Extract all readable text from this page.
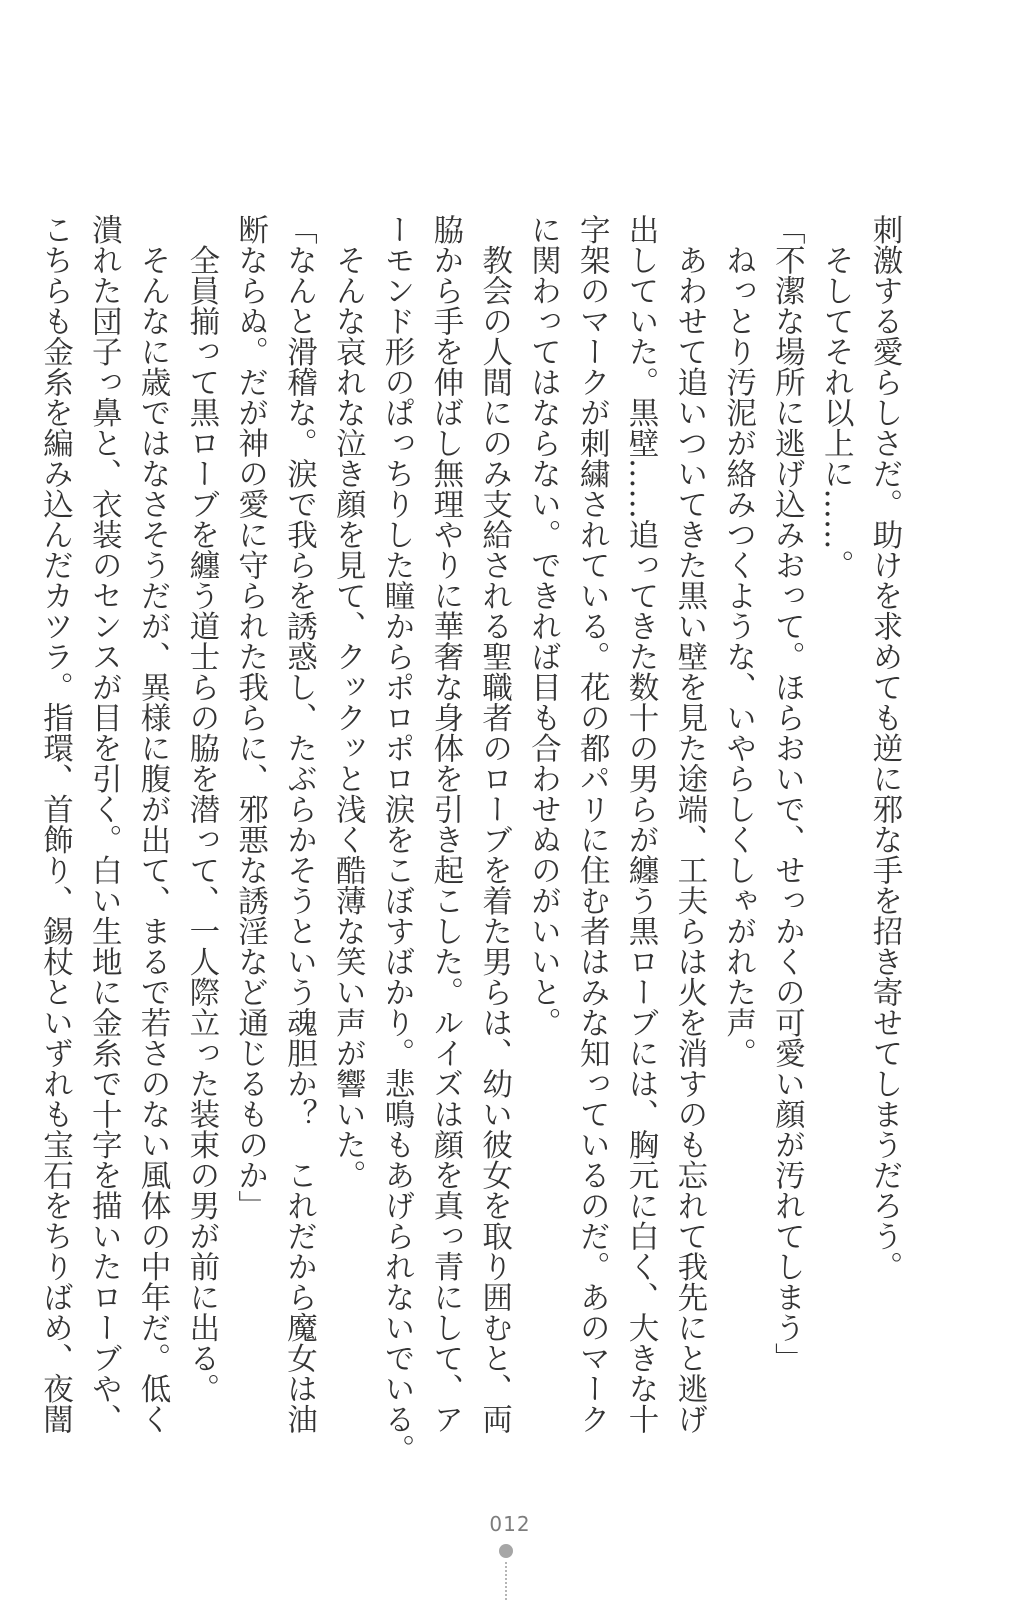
刺激する愛らしさだ。助けを求めても逆に邪な手を招き寄せてしまうだろう。
　そしてそれ以上に……。
「不潔な場所に逃げ込みおって。ほらおいで、せっかくの可愛い顔が汚れてしまう」
　ねっとり汚泥が絡みつくような、いやらしくしゃがれた声。
　あわせて追いついてきた黒い壁を見た途端、工夫らは火を消すのも忘れて我先にと逃げ
出していた。黒壁……追ってきた数十の男らが纏う黒ローブには、胸元に白く、大きな十
字架のマークが刺繍されている。花の都パリに住む者はみな知っているのだ。あのマーク
に関わってはならない。できれば目も合わせぬのがいいと。
　教会の人間にのみ支給される聖職者のローブを着た男らは、幼い彼女を取り囲むと、両
脇から手を伸ばし無理やりに華奢な身体を引き起こした。ルイズは顔を真っ青にして、ア
ーモンド形のぱっちりした瞳からポロポロ涙をこぼすばかり。悲鳴もあげられないでいる。
　そんな哀れな泣き顔を見て、クックッと浅く酷薄な笑い声が響いた。
「なんと滑稽な。涙で我らを誘惑し、たぶらかそうという魂胆か？　これだから魔女は油
断ならぬ。だが神の愛に守られた我らに、邪悪な誘淫など通じるものか」
　全員揃って黒ローブを纏う道士らの脇を潜って、一人際立った装束の男が前に出る。
　そんなに歳ではなさそうだが、異様に腹が出て、まるで若さのない風体の中年だ。低く
潰れた団子っ鼻と、衣装のセンスが目を引く。白い生地に金糸で十字を描いたローブや、
こちらも金糸を編み込んだカツラ。指環、首飾り、錫杖といずれも宝石をちりばめ、夜闇
012
